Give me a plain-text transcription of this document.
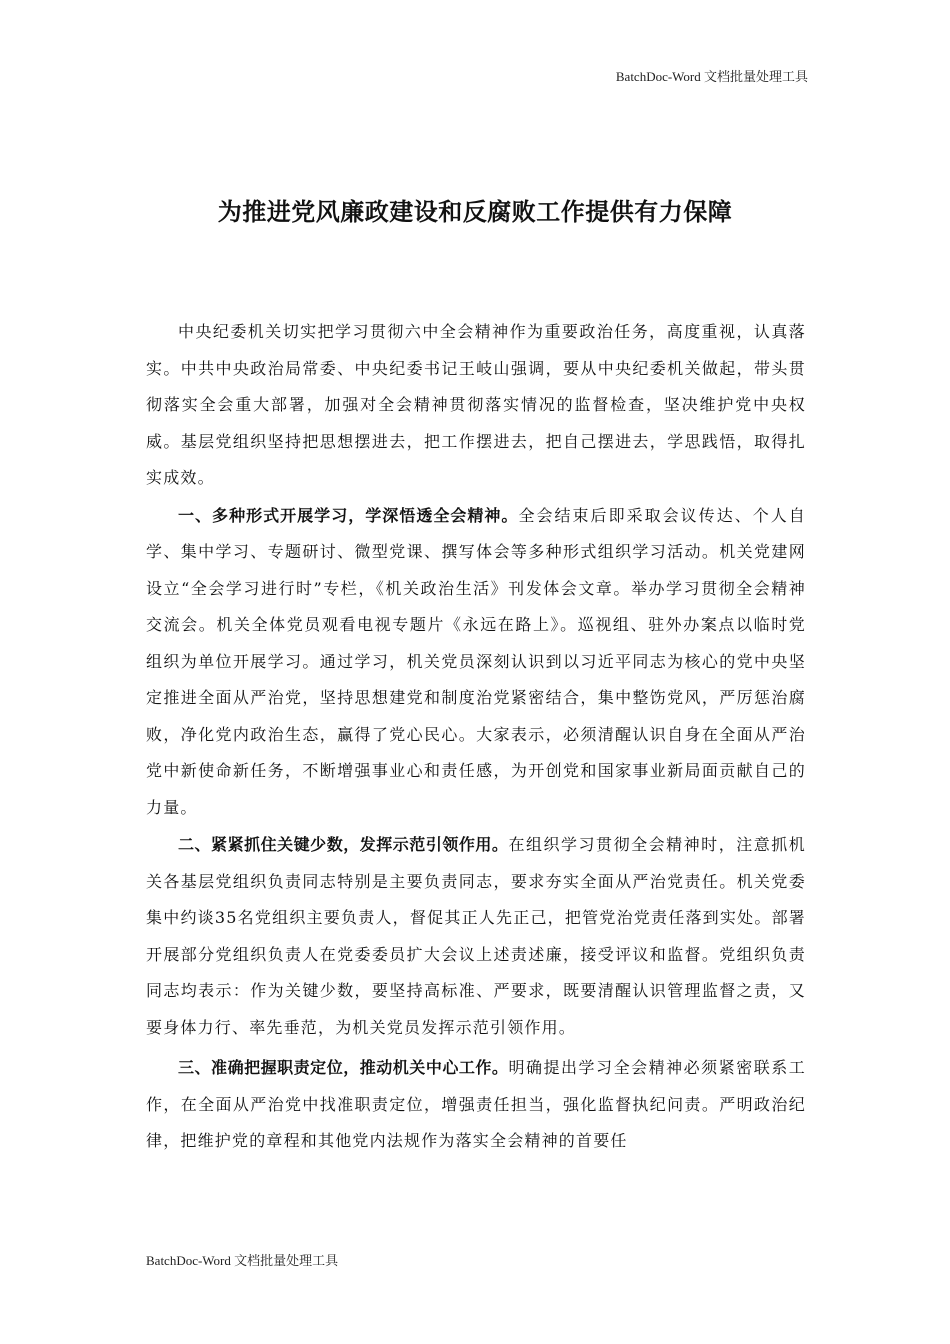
BatchDoc-Word 文档批量处理工具
为推进党风廉政建设和反腐败工作提供有力保障

中央纪委机关切实把学习贯彻六中全会精神作为重要政治任务，高度重视，认真落实。中共中央政治局常委、中央纪委书记王岐山强调，要从中央纪委机关做起，带头贯彻落实全会重大部署，加强对全会精神贯彻落实情况的监督检查，坚决维护党中央权威。基层党组织坚持把思想摆进去，把工作摆进去，把自己摆进去，学思践悟，取得扎实成效。

一、多种形式开展学习，学深悟透全会精神。全会结束后即采取会议传达、个人自学、集中学习、专题研讨、微型党课、撰写体会等多种形式组织学习活动。机关党建网设立“全会学习进行时”专栏，《机关政治生活》刊发体会文章。举办学习贯彻全会精神交流会。机关全体党员观看电视专题片《永远在路上》。巡视组、驻外办案点以临时党组织为单位开展学习。通过学习，机关党员深刻认识到以习近平同志为核心的党中央坚定推进全面从严治党，坚持思想建党和制度治党紧密结合，集中整饬党风，严厉惩治腐败，净化党内政治生态，赢得了党心民心。大家表示，必须清醒认识自身在全面从严治党中新使命新任务，不断增强事业心和责任感，为开创党和国家事业新局面贡献自己的力量。

二、紧紧抓住关键少数，发挥示范引领作用。在组织学习贯彻全会精神时，注意抓机关各基层党组织负责同志特别是主要负责同志，要求夯实全面从严治党责任。机关党委集中约谈35名党组织主要负责人，督促其正人先正己，把管党治党责任落到实处。部署开展部分党组织负责人在党委委员扩大会议上述责述廉，接受评议和监督。党组织负责同志均表示：作为关键少数，要坚持高标准、严要求，既要清醒认识管理监督之责，又要身体力行、率先垂范，为机关党员发挥示范引领作用。

三、准确把握职责定位，推动机关中心工作。明确提出学习全会精神必须紧密联系工作，在全面从严治党中找准职责定位，增强责任担当，强化监督执纪问责。严明政治纪律，把维护党的章程和其他党内法规作为落实全会精神的首要任

BatchDoc-Word 文档批量处理工具
